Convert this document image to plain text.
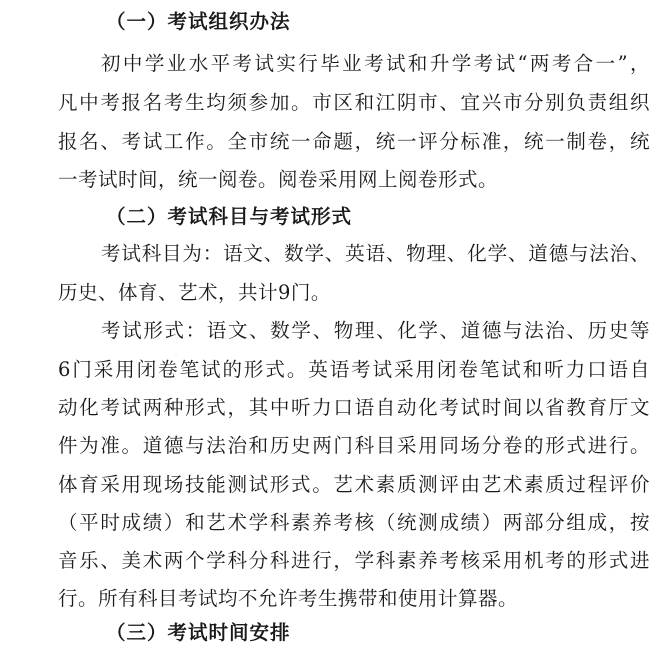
（一）考试组织办法
初中学业水平考试实行毕业考试和升学考试“两考合一”，
凡中考报名考生均须参加。市区和江阴市、宜兴市分别负责组织
报名、考试工作。全市统一命题，统一评分标准，统一制卷，统
一考试时间，统一阅卷。阅卷采用网上阅卷形式。
（二）考试科目与考试形式
考试科目为：语文、数学、英语、物理、化学、道德与法治、
历史、体育、艺术，共计9门。
考试形式：语文、数学、物理、化学、道德与法治、历史等
6门采用闭卷笔试的形式。英语考试采用闭卷笔试和听力口语自
动化考试两种形式，其中听力口语自动化考试时间以省教育厅文
件为准。道德与法治和历史两门科目采用同场分卷的形式进行。
体育采用现场技能测试形式。艺术素质测评由艺术素质过程评价
（平时成绩）和艺术学科素养考核（统测成绩）两部分组成，按
音乐、美术两个学科分科进行，学科素养考核采用机考的形式进
行。所有科目考试均不允许考生携带和使用计算器。
（三）考试时间安排
